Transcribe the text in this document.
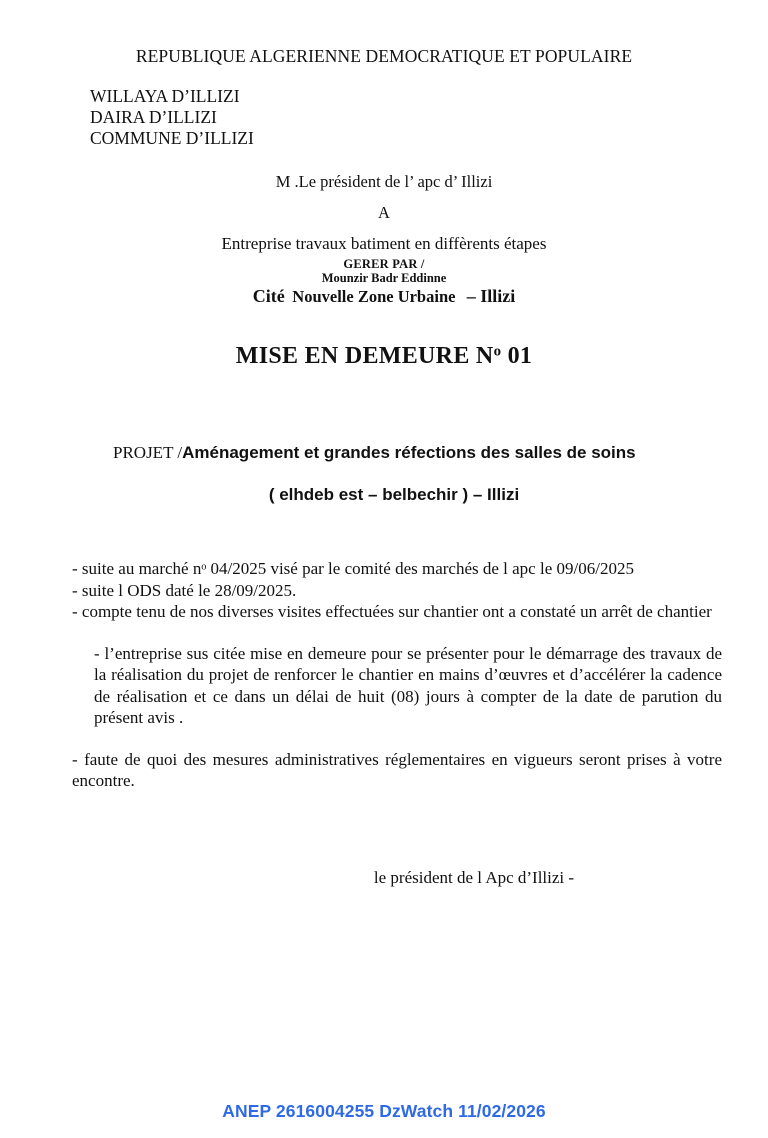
REPUBLIQUE ALGERIENNE DEMOCRATIQUE ET POPULAIRE
WILLAYA D’ILLIZI
DAIRA D’ILLIZI
COMMUNE D’ILLIZI
M .Le président de l’ apc d’ Illizi
A
Entreprise travaux batiment en diffèrents étapes
GERER PAR /
Mounzir Badr Eddinne
Cité Nouvelle Zone Urbaine – Illizi
MISE EN DEMEURE $N^o$ 01
PROJET /Aménagement et grandes réfections des salles de soins
( elhdeb est – belbechir ) – Illizi

- suite au marché nᵒ 04/2025 visé par le comité des marchés de l apc le 09/06/2025

- suite l ODS daté le 28/09/2025.

- compte tenu de nos diverses visites effectuées sur chantier ont a constaté un arrêt de chantier

- l’entreprise sus citée mise en demeure pour se présenter pour le démarrage des travaux de la réalisation du projet de renforcer le chantier en mains d’œuvres et d’accélérer la cadence de réalisation et ce dans un délai de huit (08) jours à compter de la date de parution du présent avis .

- faute de quoi des mesures administratives réglementaires en vigueurs seront prises à votre encontre.

le président de l Apc d’Illizi -
ANEP 2616004255 DzWatch 11/02/2026
